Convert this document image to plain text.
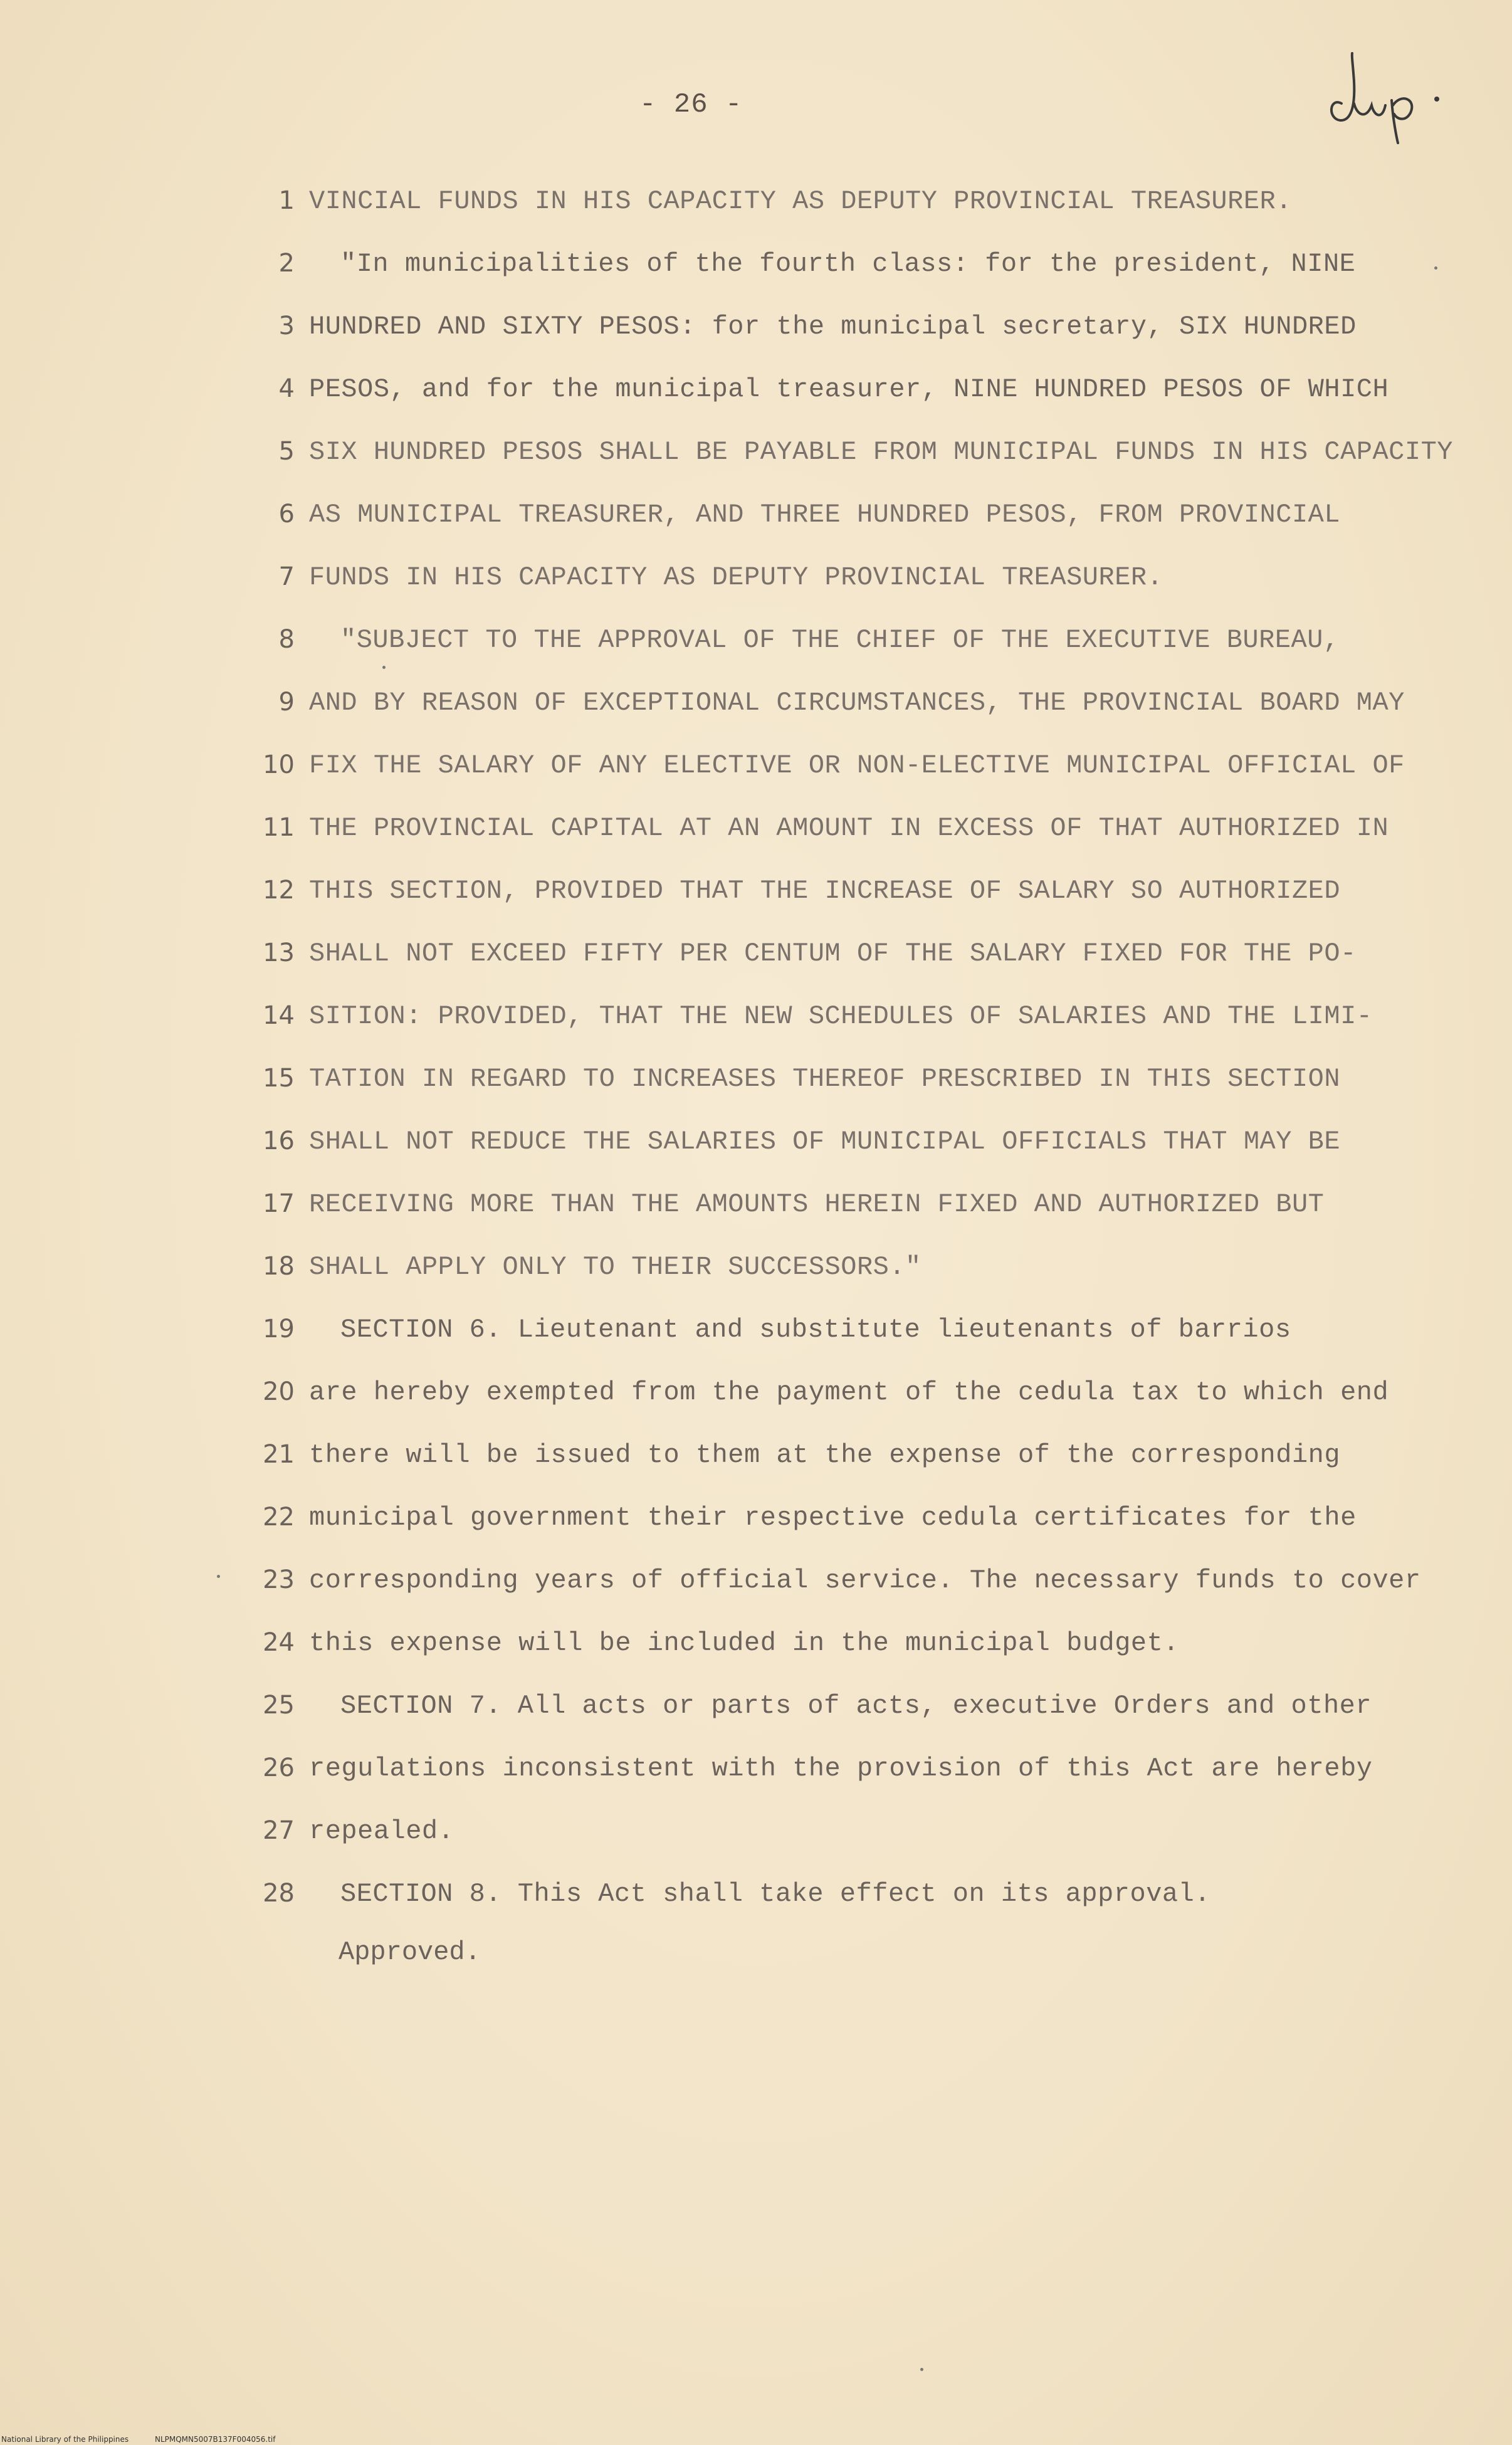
- 26 -
1 VINCIAL FUNDS IN HIS CAPACITY AS DEPUTY PROVINCIAL TREASURER.
2 "In municipalities of the fourth class: for the president, NINE
3 HUNDRED AND SIXTY PESOS: for the municipal secretary, SIX HUNDRED
4 PESOS, and for the municipal treasurer, NINE HUNDRED PESOS OF WHICH
5 SIX HUNDRED PESOS SHALL BE PAYABLE FROM MUNICIPAL FUNDS IN HIS CAPACITY
6 AS MUNICIPAL TREASURER, AND THREE HUNDRED PESOS, FROM PROVINCIAL
7 FUNDS IN HIS CAPACITY AS DEPUTY PROVINCIAL TREASURER.
8 "SUBJECT TO THE APPROVAL OF THE CHIEF OF THE EXECUTIVE BUREAU,
9 AND BY REASON OF EXCEPTIONAL CIRCUMSTANCES, THE PROVINCIAL BOARD MAY
10 FIX THE SALARY OF ANY ELECTIVE OR NON-ELECTIVE MUNICIPAL OFFICIAL OF
11 THE PROVINCIAL CAPITAL AT AN AMOUNT IN EXCESS OF THAT AUTHORIZED IN
12 THIS SECTION, PROVIDED THAT THE INCREASE OF SALARY SO AUTHORIZED
13 SHALL NOT EXCEED FIFTY PER CENTUM OF THE SALARY FIXED FOR THE PO-
14 SITION: PROVIDED, THAT THE NEW SCHEDULES OF SALARIES AND THE LIMI-
15 TATION IN REGARD TO INCREASES THEREOF PRESCRIBED IN THIS SECTION
16 SHALL NOT REDUCE THE SALARIES OF MUNICIPAL OFFICIALS THAT MAY BE
17 RECEIVING MORE THAN THE AMOUNTS HEREIN FIXED AND AUTHORIZED BUT
18 SHALL APPLY ONLY TO THEIR SUCCESSORS."
19 SECTION 6. Lieutenant and substitute lieutenants of barrios
20 are hereby exempted from the payment of the cedula tax to which end
21 there will be issued to them at the expense of the corresponding
22 municipal government their respective cedula certificates for the
23 corresponding years of official service. The necessary funds to cover
24 this expense will be included in the municipal budget.
25 SECTION 7. All acts or parts of acts, executive Orders and other
26 regulations inconsistent with the provision of this Act are hereby
27 repealed.
28 SECTION 8. This Act shall take effect on its approval.
Approved.
National Library of the Philippines	NLPMQMN5007B137F004056.tif
